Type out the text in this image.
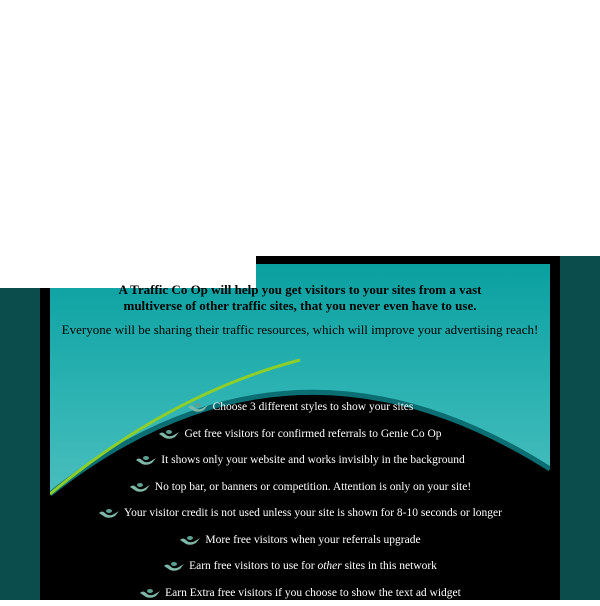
A Traffic Co Op will help you get visitors to your sites from a vast
multiverse of other traffic sites, that you never even have to use.
Everyone will be sharing their traffic resources, which will improve your advertising reach!
Choose 3 different styles to show your sites
Get free visitors for confirmed referrals to Genie Co Op
It shows only your website and works invisibly in the background
No top bar, or banners or competition. Attention is only on your site!
Your visitor credit is not used unless your site is shown for 8-10 seconds or longer
More free visitors when your referrals upgrade
Earn free visitors to use for other sites in this network
Earn Extra free visitors if you choose to show the text ad widget
